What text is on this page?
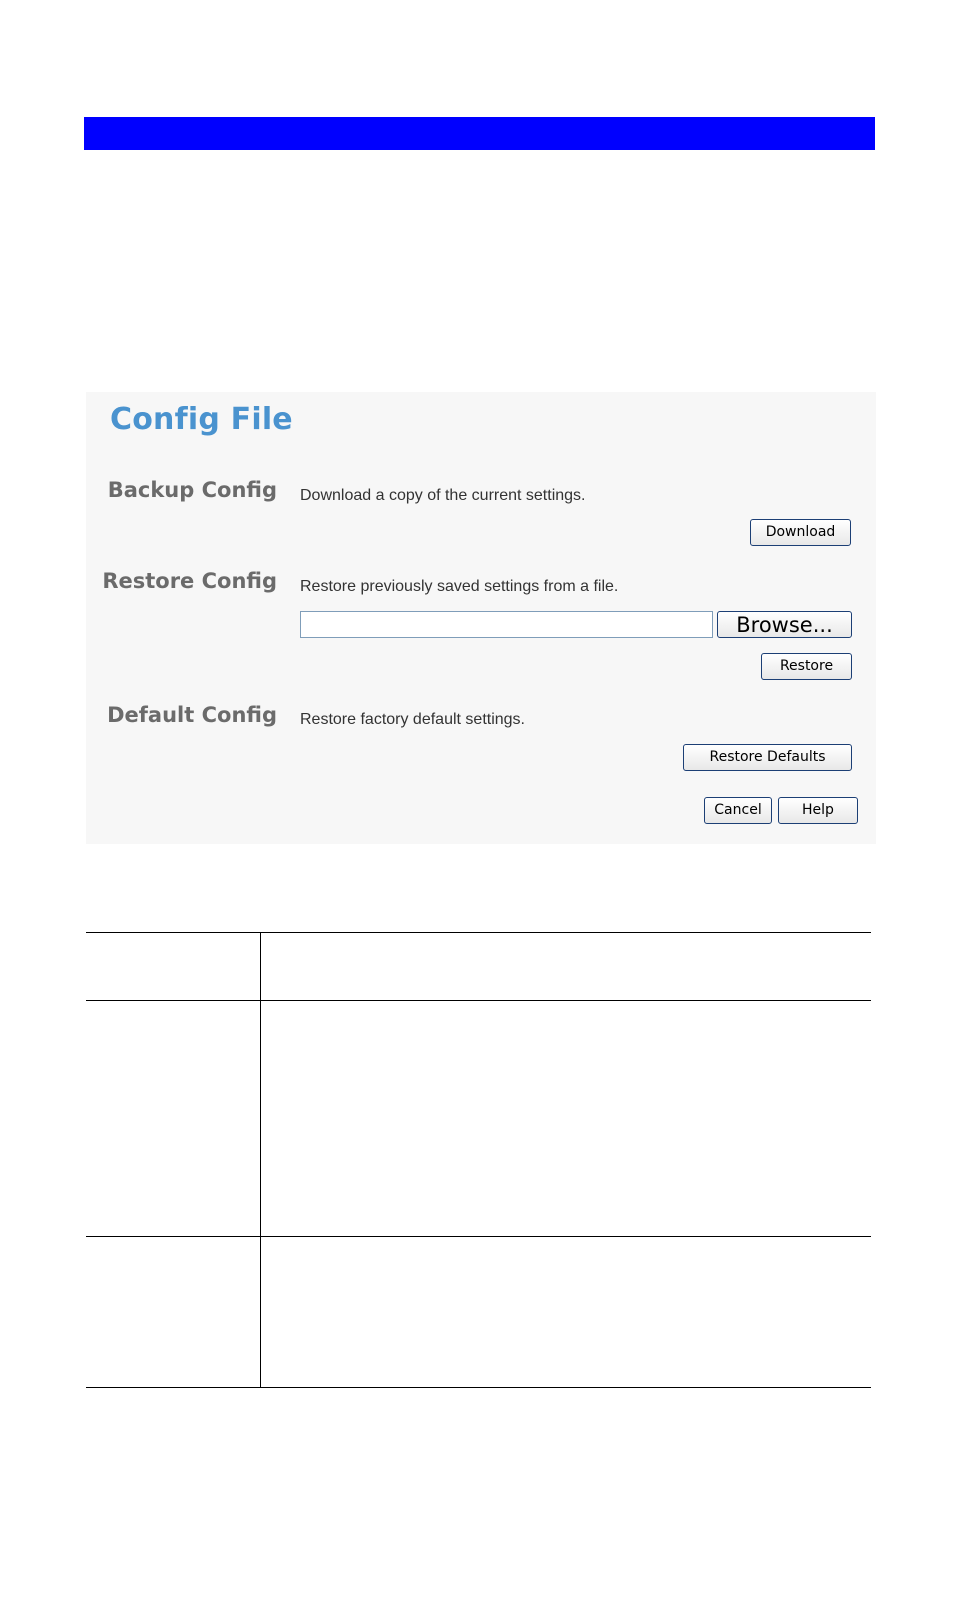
Config File
Backup Config Download a copy of the current settings.
Download
Restore Config Restore previously saved settings from a file.
Browse...
Restore
Default Config Restore factory default settings.
Restore Defaults
Cancel	Help
